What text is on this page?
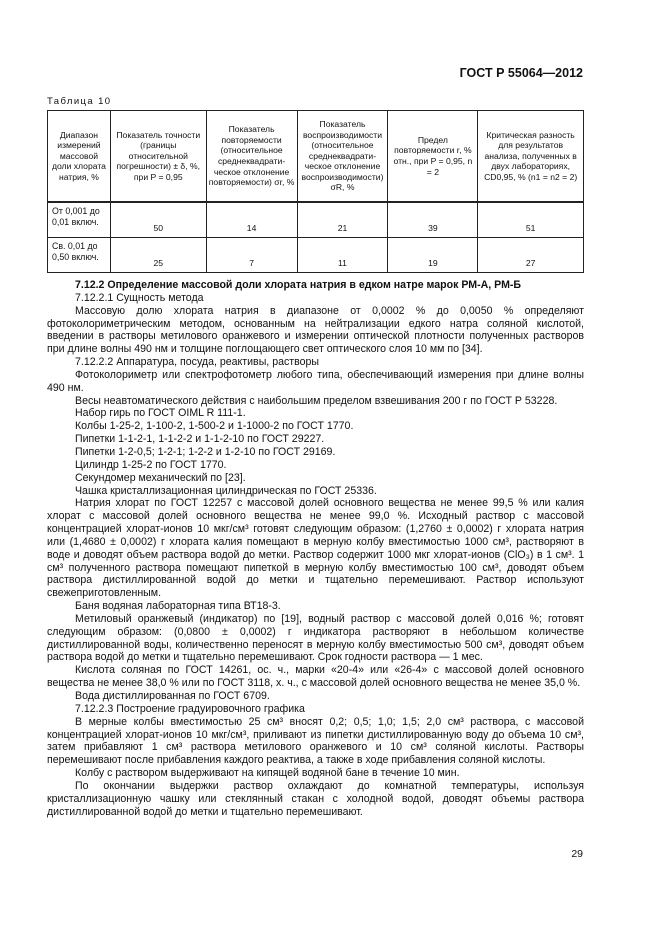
ГОСТ Р 55064—2012
Таблица 10
Диапазон измерений массовой доли хлората натрия, %	Показатель точности (границы относительной погрешности) ± δ, %, при P = 0,95	Показатель повторяемости (относительное среднеквадрати-ческое отклонение повторяемости) σr, %	Показатель воспроизводимости (относительное среднеквадрати-ческое отклонение воспроизводимости) σR, %	Предел повторяемости r, % отн., при P = 0,95, n = 2	Критическая разность для результатов анализа, полученных в двух лабораториях, CD0,95, % (n1 = n2 = 2)
От 0,001 до 0,01 включ.	50	14	21	39	51
Св. 0,01 до 0,50 включ.	25	7	11	19	27

7.12.2 Определение массовой доли хлората натрия в едком натре марок РМ-А, РМ-Б

7.12.2.1 Сущность метода

Массовую долю хлората натрия в диапазоне от 0,0002 % до 0,0050 % определяют фотоколориметрическим методом, основанным на нейтрализации едкого натра соляной кислотой, введении в растворы метилового оранжевого и измерении оптической плотности полученных растворов при длине волны 490 нм и толщине поглощающего свет оптического слоя 10 мм по [34].

7.12.2.2 Аппаратура, посуда, реактивы, растворы

Фотоколориметр или спектрофотометр любого типа, обеспечивающий измерения при длине волны 490 нм.

Весы неавтоматического действия с наибольшим пределом взвешивания 200 г по ГОСТ Р 53228.

Набор гирь по ГОСТ OIML R 111-1.

Колбы 1-25-2, 1-100-2, 1-500-2 и 1-1000-2 по ГОСТ 1770.

Пипетки 1-1-2-1, 1-1-2-2 и 1-1-2-10 по ГОСТ 29227.

Пипетки 1-2-0,5; 1-2-1; 1-2-2 и 1-2-10 по ГОСТ 29169.

Цилиндр 1-25-2 по ГОСТ 1770.

Секундомер механический по [23].

Чашка кристаллизационная цилиндрическая по ГОСТ 25336.

Натрия хлорат по ГОСТ 12257 с массовой долей основного вещества не менее 99,5 % или калия хлорат с массовой долей основного вещества не менее 99,0 %. Исходный раствор с массовой концентрацией хлорат-ионов 10 мкг/см³ готовят следующим образом: (1,2760 ± 0,0002) г хлората натрия или (1,4680 ± 0,0002) г хлората калия помещают в мерную колбу вместимостью 1000 см³, растворяют в воде и доводят объем раствора водой до метки. Раствор содержит 1000 мкг хлорат-ионов (ClO₃) в 1 см³. 1 см³ полученного раствора помещают пипеткой в мерную колбу вместимостью 100 см³, доводят объем раствора дистиллированной водой до метки и тщательно перемешивают. Раствор используют свежеприготовленным.

Баня водяная лабораторная типа ВТ18-3.

Метиловый оранжевый (индикатор) по [19], водный раствор с массовой долей 0,016 %; готовят следующим образом: (0,0800 ± 0,0002) г индикатора растворяют в небольшом количестве дистиллированной воды, количественно переносят в мерную колбу вместимостью 500 см³, доводят объем раствора водой до метки и тщательно перемешивают. Срок годности раствора — 1 мес.

Кислота соляная по ГОСТ 14261, ос. ч., марки «20-4» или «26-4» с массовой долей основного вещества не менее 38,0 % или по ГОСТ 3118, х. ч., с массовой долей основного вещества не менее 35,0 %.

Вода дистиллированная по ГОСТ 6709.

7.12.2.3 Построение градуировочного графика

В мерные колбы вместимостью 25 см³ вносят 0,2; 0,5; 1,0; 1,5; 2,0 см³ раствора, с массовой концентрацией хлорат-ионов 10 мкг/см³, приливают из пипетки дистиллированную воду до объема 10 см³, затем прибавляют 1 см³ раствора метилового оранжевого и 10 см³ соляной кислоты. Растворы перемешивают после прибавления каждого реактива, а также в ходе прибавления соляной кислоты.

Колбу с раствором выдерживают на кипящей водяной бане в течение 10 мин.

По окончании выдержки раствор охлаждают до комнатной температуры, используя кристаллизационную чашку или стеклянный стакан с холодной водой, доводят объемы раствора дистиллированной водой до метки и тщательно перемешивают.

29
